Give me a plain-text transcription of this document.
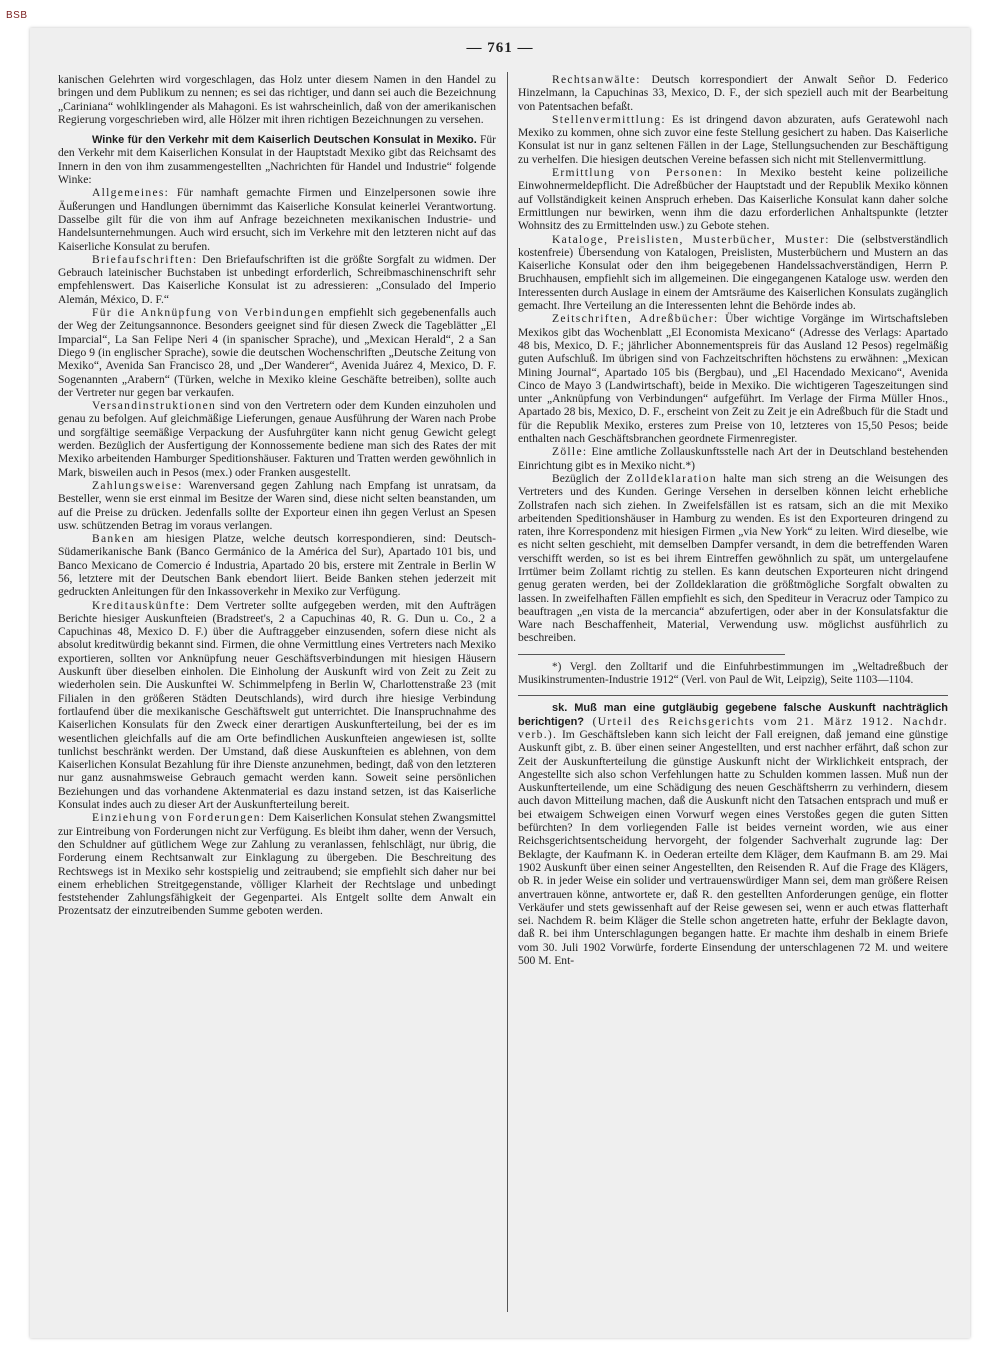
BSB
— 761 —

kanischen Gelehrten wird vorgeschlagen, das Holz unter diesem Namen in den Handel zu bringen und dem Publikum zu nennen; es sei das richtiger, und dann sei auch die Bezeichnung „Cariniana“ wohlklingender als Mahagoni. Es ist wahrscheinlich, daß von der amerikanischen Regierung vorgeschrieben wird, alle Hölzer mit ihren richtigen Bezeichnungen zu versehen.

Winke für den Verkehr mit dem Kaiserlich Deutschen Konsulat in Mexiko. Für den Verkehr mit dem Kaiserlichen Konsulat in der Hauptstadt Mexiko gibt das Reichsamt des Innern in den von ihm zusammengestellten „Nachrichten für Handel und Industrie“ folgende Winke:

Allgemeines: Für namhaft gemachte Firmen und Einzelpersonen sowie ihre Äußerungen und Handlungen übernimmt das Kaiserliche Konsulat keinerlei Verantwortung. Dasselbe gilt für die von ihm auf Anfrage bezeichneten mexikanischen Industrie- und Handelsunternehmungen. Auch wird ersucht, sich im Verkehre mit den letzteren nicht auf das Kaiserliche Konsulat zu berufen.

Briefaufschriften: Den Briefaufschriften ist die größte Sorgfalt zu widmen. Der Gebrauch lateinischer Buchstaben ist unbedingt erforderlich, Schreibmaschinenschrift sehr empfehlenswert. Das Kaiserliche Konsulat ist zu adressieren: „Consulado del Imperio Alemán, México, D. F.“

Für die Anknüpfung von Verbindungen empfiehlt sich gegebenenfalls auch der Weg der Zeitungsannonce. Besonders geeignet sind für diesen Zweck die Tageblätter „El Imparcial“, La San Felipe Neri 4 (in spanischer Sprache), und „Mexican Herald“, 2 a San Diego 9 (in englischer Sprache), sowie die deutschen Wochenschriften „Deutsche Zeitung von Mexiko“, Avenida San Francisco 28, und „Der Wanderer“, Avenida Juárez 4, Mexico, D. F. Sogenannten „Arabern“ (Türken, welche in Mexiko kleine Geschäfte betreiben), sollte auch der Vertreter nur gegen bar verkaufen.

Versandinstruktionen sind von den Vertretern oder dem Kunden einzuholen und genau zu befolgen. Auf gleichmäßige Lieferungen, genaue Ausführung der Waren nach Probe und sorgfältige seemäßige Verpackung der Ausfuhrgüter kann nicht genug Gewicht gelegt werden. Bezüglich der Ausfertigung der Konnossemente bediene man sich des Rates der mit Mexiko arbeitenden Hamburger Speditionshäuser. Fakturen und Tratten werden gewöhnlich in Mark, bisweilen auch in Pesos (mex.) oder Franken ausgestellt.

Zahlungsweise: Warenversand gegen Zahlung nach Empfang ist unratsam, da Besteller, wenn sie erst einmal im Besitze der Waren sind, diese nicht selten beanstanden, um auf die Preise zu drücken. Jedenfalls sollte der Exporteur einen ihn gegen Verlust an Spesen usw. schützenden Betrag im voraus verlangen.

Banken am hiesigen Platze, welche deutsch korrespondieren, sind: Deutsch-Südamerikanische Bank (Banco Germánico de la América del Sur), Apartado 101 bis, und Banco Mexicano de Comercio é Industria, Apartado 20 bis, erstere mit Zentrale in Berlin W 56, letztere mit der Deutschen Bank ebendort liiert. Beide Banken stehen jederzeit mit gedruckten Anleitungen für den Inkassoverkehr in Mexiko zur Verfügung.

Kreditauskünfte: Dem Vertreter sollte aufgegeben werden, mit den Aufträgen Berichte hiesiger Auskunfteien (Bradstreet's, 2 a Capuchinas 40, R. G. Dun u. Co., 2 a Capuchinas 48, Mexico D. F.) über die Auftraggeber einzusenden, sofern diese nicht als absolut kreditwürdig bekannt sind. Firmen, die ohne Vermittlung eines Vertreters nach Mexiko exportieren, sollten vor Anknüpfung neuer Geschäftsverbindungen mit hiesigen Häusern Auskunft über dieselben einholen. Die Einholung der Auskunft wird von Zeit zu Zeit zu wiederholen sein. Die Auskunftei W. Schimmelpfeng in Berlin W, Charlottenstraße 23 (mit Filialen in den größeren Städten Deutschlands), wird durch ihre hiesige Verbindung fortlaufend über die mexikanische Geschäftswelt gut unterrichtet. Die Inanspruchnahme des Kaiserlichen Konsulats für den Zweck einer derartigen Auskunfterteilung, bei der es im wesentlichen gleichfalls auf die am Orte befindlichen Auskunfteien angewiesen ist, sollte tunlichst beschränkt werden. Der Umstand, daß diese Auskunfteien es ablehnen, von dem Kaiserlichen Konsulat Bezahlung für ihre Dienste anzunehmen, bedingt, daß von den letzteren nur ganz ausnahmsweise Gebrauch gemacht werden kann. Soweit seine persönlichen Beziehungen und das vorhandene Aktenmaterial es dazu instand setzen, ist das Kaiserliche Konsulat indes auch zu dieser Art der Auskunfterteilung bereit.

Einziehung von Forderungen: Dem Kaiserlichen Konsulat stehen Zwangsmittel zur Eintreibung von Forderungen nicht zur Verfügung. Es bleibt ihm daher, wenn der Versuch, den Schuldner auf gütlichem Wege zur Zahlung zu veranlassen, fehlschlägt, nur übrig, die Forderung einem Rechtsanwalt zur Einklagung zu übergeben. Die Beschreitung des Rechtswegs ist in Mexiko sehr kostspielig und zeitraubend; sie empfiehlt sich daher nur bei einem erheblichen Streitgegenstande, völliger Klarheit der Rechtslage und unbedingt feststehender Zahlungsfähigkeit der Gegenpartei. Als Entgelt sollte dem Anwalt ein Prozentsatz der einzutreibenden Summe geboten werden.

Rechtsanwälte: Deutsch korrespondiert der Anwalt Señor D. Federico Hinzelmann, la Capuchinas 33, Mexico, D. F., der sich speziell auch mit der Bearbeitung von Patentsachen befaßt.

Stellenvermittlung: Es ist dringend davon abzuraten, aufs Geratewohl nach Mexiko zu kommen, ohne sich zuvor eine feste Stellung gesichert zu haben. Das Kaiserliche Konsulat ist nur in ganz seltenen Fällen in der Lage, Stellungsuchenden zur Beschäftigung zu verhelfen. Die hiesigen deutschen Vereine befassen sich nicht mit Stellenvermittlung.

Ermittlung von Personen: In Mexiko besteht keine polizeiliche Einwohnermeldepflicht. Die Adreßbücher der Hauptstadt und der Republik Mexiko können auf Vollständigkeit keinen Anspruch erheben. Das Kaiserliche Konsulat kann daher solche Ermittlungen nur bewirken, wenn ihm die dazu erforderlichen Anhaltspunkte (letzter Wohnsitz des zu Ermittelnden usw.) zu Gebote stehen.

Kataloge, Preislisten, Musterbücher, Muster: Die (selbstverständlich kostenfreie) Übersendung von Katalogen, Preislisten, Musterbüchern und Mustern an das Kaiserliche Konsulat oder den ihm beigegebenen Handelssachverständigen, Herrn P. Bruchhausen, empfiehlt sich im allgemeinen. Die eingegangenen Kataloge usw. werden den Interessenten durch Auslage in einem der Amtsräume des Kaiserlichen Konsulats zugänglich gemacht. Ihre Verteilung an die Interessenten lehnt die Behörde indes ab.

Zeitschriften, Adreßbücher: Über wichtige Vorgänge im Wirtschaftsleben Mexikos gibt das Wochenblatt „El Economista Mexicano“ (Adresse des Verlags: Apartado 48 bis, Mexico, D. F.; jährlicher Abonnementspreis für das Ausland 12 Pesos) regelmäßig guten Aufschluß. Im übrigen sind von Fachzeitschriften höchstens zu erwähnen: „Mexican Mining Journal“, Apartado 105 bis (Bergbau), und „El Hacendado Mexicano“, Avenida Cinco de Mayo 3 (Landwirtschaft), beide in Mexiko. Die wichtigeren Tageszeitungen sind unter „Anknüpfung von Verbindungen“ aufgeführt. Im Verlage der Firma Müller Hnos., Apartado 28 bis, Mexico, D. F., erscheint von Zeit zu Zeit je ein Adreßbuch für die Stadt und für die Republik Mexiko, ersteres zum Preise von 10, letzteres von 15,50 Pesos; beide enthalten nach Geschäftsbranchen geordnete Firmenregister.

Zölle: Eine amtliche Zollauskunftsstelle nach Art der in Deutschland bestehenden Einrichtung gibt es in Mexiko nicht.*)

Bezüglich der Zolldeklaration halte man sich streng an die Weisungen des Vertreters und des Kunden. Geringe Versehen in derselben können leicht erhebliche Zollstrafen nach sich ziehen. In Zweifelsfällen ist es ratsam, sich an die mit Mexiko arbeitenden Speditionshäuser in Hamburg zu wenden. Es ist den Exporteuren dringend zu raten, ihre Korrespondenz mit hiesigen Firmen „via New York“ zu leiten. Wird dieselbe, wie es nicht selten geschieht, mit demselben Dampfer versandt, in dem die betreffenden Waren verschifft werden, so ist es bei ihrem Eintreffen gewöhnlich zu spät, um untergelaufene Irrtümer beim Zollamt richtig zu stellen. Es kann deutschen Exporteuren nicht dringend genug geraten werden, bei der Zolldeklaration die größtmögliche Sorgfalt obwalten zu lassen. In zweifelhaften Fällen empfiehlt es sich, den Spediteur in Veracruz oder Tampico zu beauftragen „en vista de la mercancia“ abzufertigen, oder aber in der Konsulatsfaktur die Ware nach Beschaffenheit, Material, Verwendung usw. möglichst ausführlich zu beschreiben.

*) Vergl. den Zolltarif und die Einfuhrbestimmungen im „Weltadreßbuch der Musikinstrumenten-Industrie 1912“ (Verl. von Paul de Wit, Leipzig), Seite 1103—1104.

sk. Muß man eine gutgläubig gegebene falsche Auskunft nachträglich berichtigen? (Urteil des Reichsgerichts vom 21. März 1912. Nachdr. verb.). Im Geschäftsleben kann sich leicht der Fall ereignen, daß jemand eine günstige Auskunft gibt, z. B. über einen seiner Angestellten, und erst nachher erfährt, daß schon zur Zeit der Auskunfterteilung die günstige Auskunft nicht der Wirklichkeit entsprach, der Angestellte sich also schon Verfehlungen hatte zu Schulden kommen lassen. Muß nun der Auskunfterteilende, um eine Schädigung des neuen Geschäftsherrn zu verhindern, diesem auch davon Mitteilung machen, daß die Auskunft nicht den Tatsachen entsprach und muß er bei etwaigem Schweigen einen Vorwurf wegen eines Verstoßes gegen die guten Sitten befürchten? In dem vorliegenden Falle ist beides verneint worden, wie aus einer Reichsgerichtsentscheidung hervorgeht, der folgender Sachverhalt zugrunde lag: Der Beklagte, der Kaufmann K. in Oederan erteilte dem Kläger, dem Kaufmann B. am 29. Mai 1902 Auskunft über einen seiner Angestellten, den Reisenden R. Auf die Frage des Klägers, ob R. in jeder Weise ein solider und vertrauenswürdiger Mann sei, dem man größere Reisen anvertrauen könne, antwortete er, daß R. den gestellten Anforderungen genüge, ein flotter Verkäufer und stets gewissenhaft auf der Reise gewesen sei, wenn er auch etwas flatterhaft sei. Nachdem R. beim Kläger die Stelle schon angetreten hatte, erfuhr der Beklagte davon, daß R. bei ihm Unterschlagungen begangen hatte. Er machte ihm deshalb in einem Briefe vom 30. Juli 1902 Vorwürfe, forderte Einsendung der unterschlagenen 72 M. und weitere 500 M. Ent-
